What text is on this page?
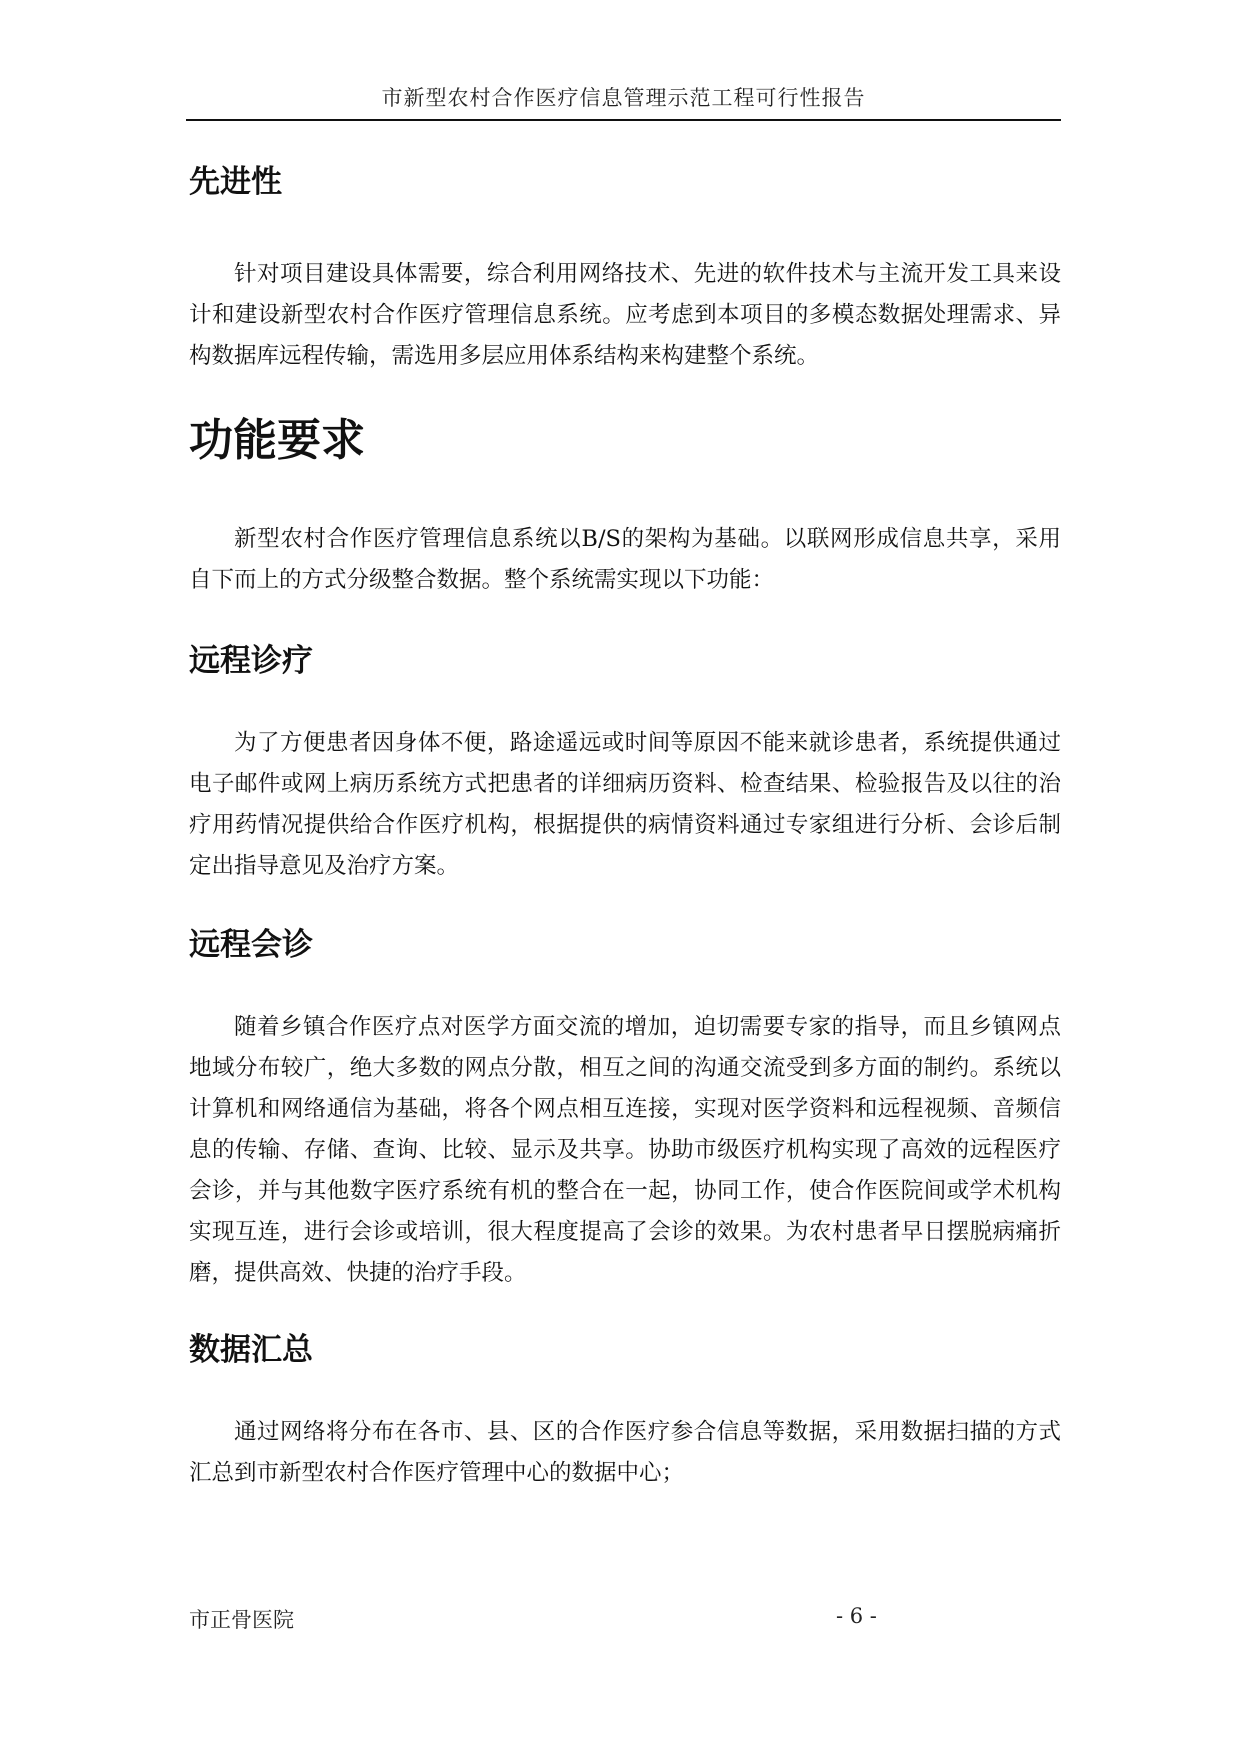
市新型农村合作医疗信息管理示范工程可行性报告
先进性

针对项目建设具体需要，综合利用网络技术、先进的软件技术与主流开发工具来设计和建设新型农村合作医疗管理信息系统。应考虑到本项目的多模态数据处理需求、异构数据库远程传输，需选用多层应用体系结构来构建整个系统。

功能要求

新型农村合作医疗管理信息系统以B/S的架构为基础。以联网形成信息共享，采用自下而上的方式分级整合数据。整个系统需实现以下功能：

远程诊疗

为了方便患者因身体不便，路途遥远或时间等原因不能来就诊患者，系统提供通过电子邮件或网上病历系统方式把患者的详细病历资料、检查结果、检验报告及以往的治疗用药情况提供给合作医疗机构，根据提供的病情资料通过专家组进行分析、会诊后制定出指导意见及治疗方案。

远程会诊

随着乡镇合作医疗点对医学方面交流的增加，迫切需要专家的指导，而且乡镇网点地域分布较广，绝大多数的网点分散，相互之间的沟通交流受到多方面的制约。系统以计算机和网络通信为基础，将各个网点相互连接，实现对医学资料和远程视频、音频信息的传输、存储、查询、比较、显示及共享。协助市级医疗机构实现了高效的远程医疗会诊，并与其他数字医疗系统有机的整合在一起，协同工作，使合作医院间或学术机构实现互连，进行会诊或培训，很大程度提高了会诊的效果。为农村患者早日摆脱病痛折磨，提供高效、快捷的治疗手段。

数据汇总

通过网络将分布在各市、县、区的合作医疗参合信息等数据，采用数据扫描的方式汇总到市新型农村合作医疗管理中心的数据中心；

市正骨医院	- 6 -
